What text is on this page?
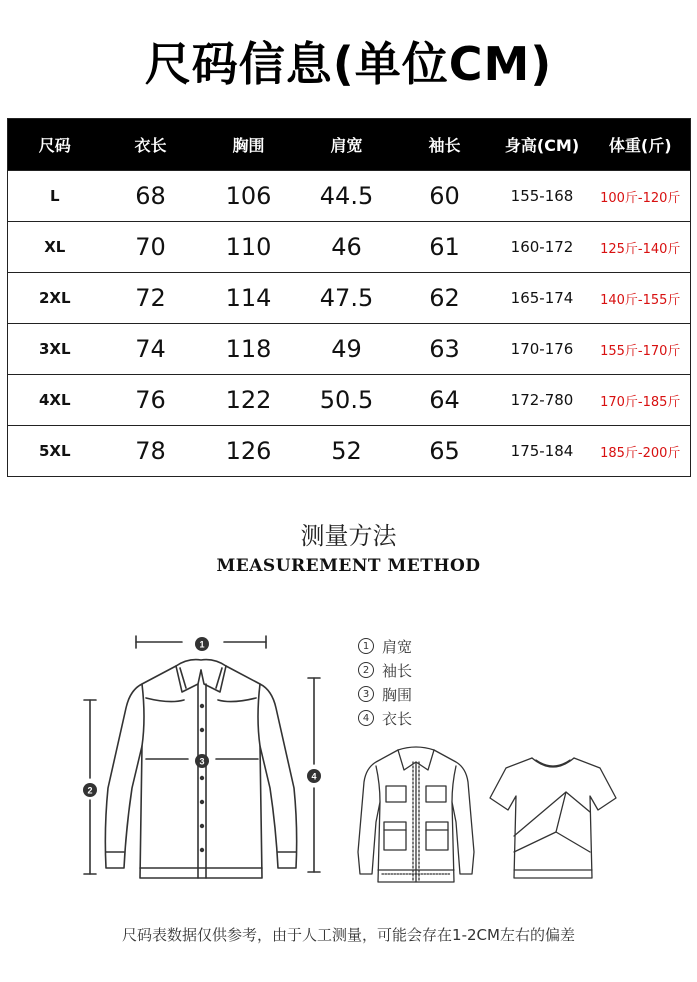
尺码信息(单位CM)
尺码	衣长	胸围	肩宽	袖长	身高(CM)	体重(斤)
L	68	106	44.5	60	155-168	100斤-120斤
XL	70	110	46	61	160-172	125斤-140斤
2XL	72	114	47.5	62	165-174	140斤-155斤
3XL	74	118	49	63	170-176	155斤-170斤
4XL	76	122	50.5	64	172-780	170斤-185斤
5XL	78	126	52	65	175-184	185斤-200斤
测量方法
MEASUREMENT METHOD
1
3
2
4
1 肩宽
2 袖长
3 胸围
4 衣长
尺码表数据仅供参考，由于人工测量，可能会存在1-2CM左右的偏差
